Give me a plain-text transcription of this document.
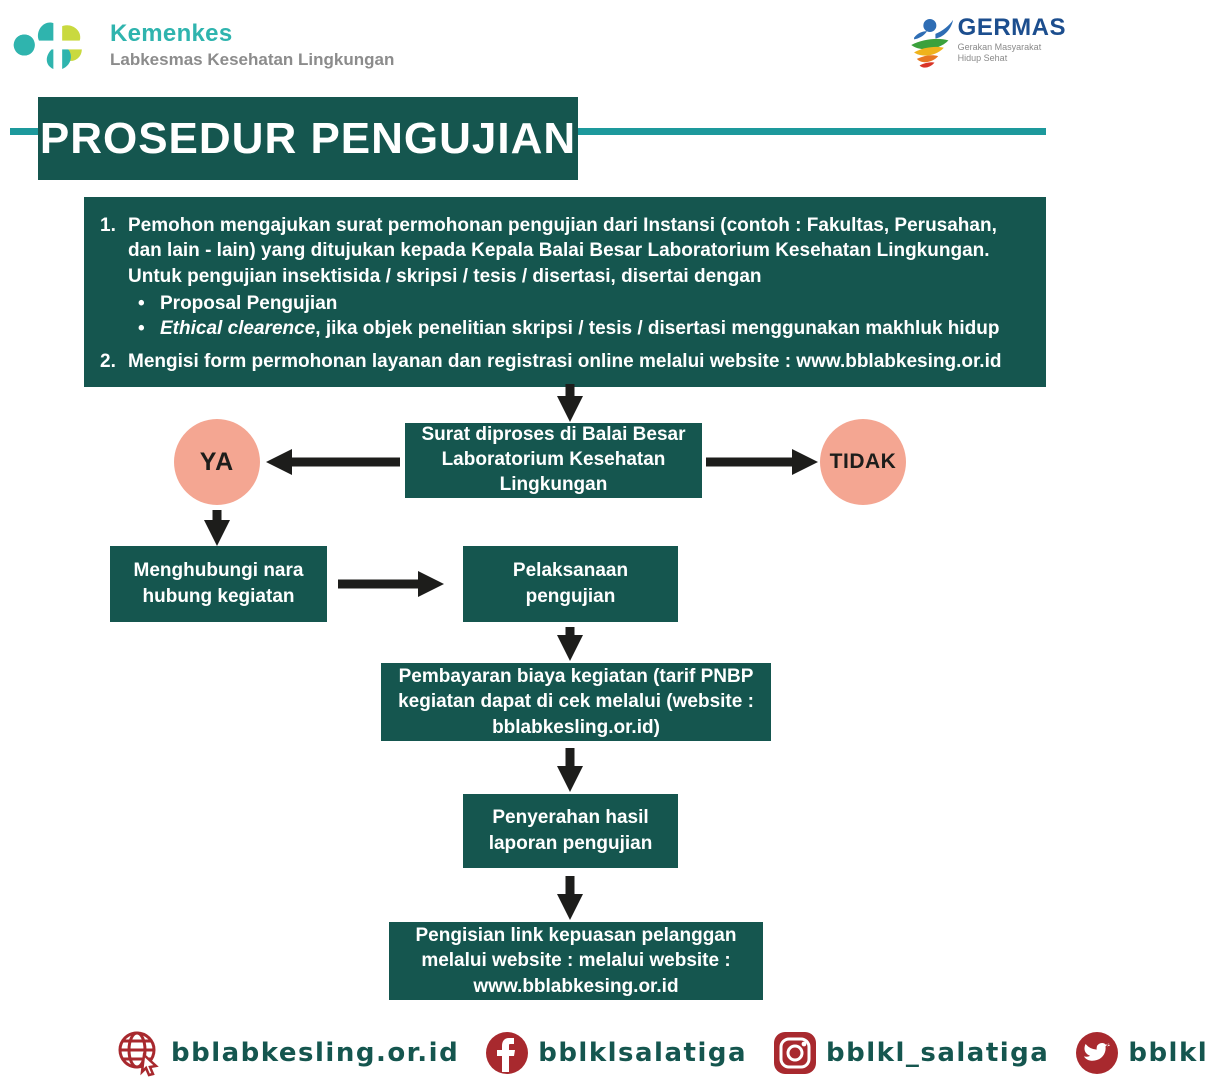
Kemenkes
Labkesmas Kesehatan Lingkungan
GERMAS
Gerakan Masyarakat
Hidup Sehat
PROSEDUR PENGUJIAN
1. Pemohon mengajukan surat permohonan pengujian dari Instansi (contoh : Fakultas, Perusahan, dan lain - lain) yang ditujukan kepada Kepala Balai Besar Laboratorium Kesehatan Lingkungan. Untuk pengujian insektisida / skripsi / tesis / disertasi, disertai dengan
• Proposal Pengujian
• Ethical clearence, jika objek penelitian skripsi / tesis / disertasi menggunakan makhluk hidup
2. Mengisi form permohonan layanan dan registrasi online melalui website : www.bblabkesing.or.id
Surat diproses di Balai Besar Laboratorium Kesehatan Lingkungan
YA	TIDAK
Menghubungi nara hubung kegiatan
Pelaksanaan pengujian
Pembayaran biaya kegiatan (tarif PNBP kegiatan dapat di cek melalui (website : bblabkesling.or.id)
Penyerahan hasil laporan pengujian
Pengisian link kepuasan pelanggan melalui website : melalui website : www.bblabkesing.or.id
bblabkesling.or.id	bblklsalatiga	bblkl_salatiga	bblkl
